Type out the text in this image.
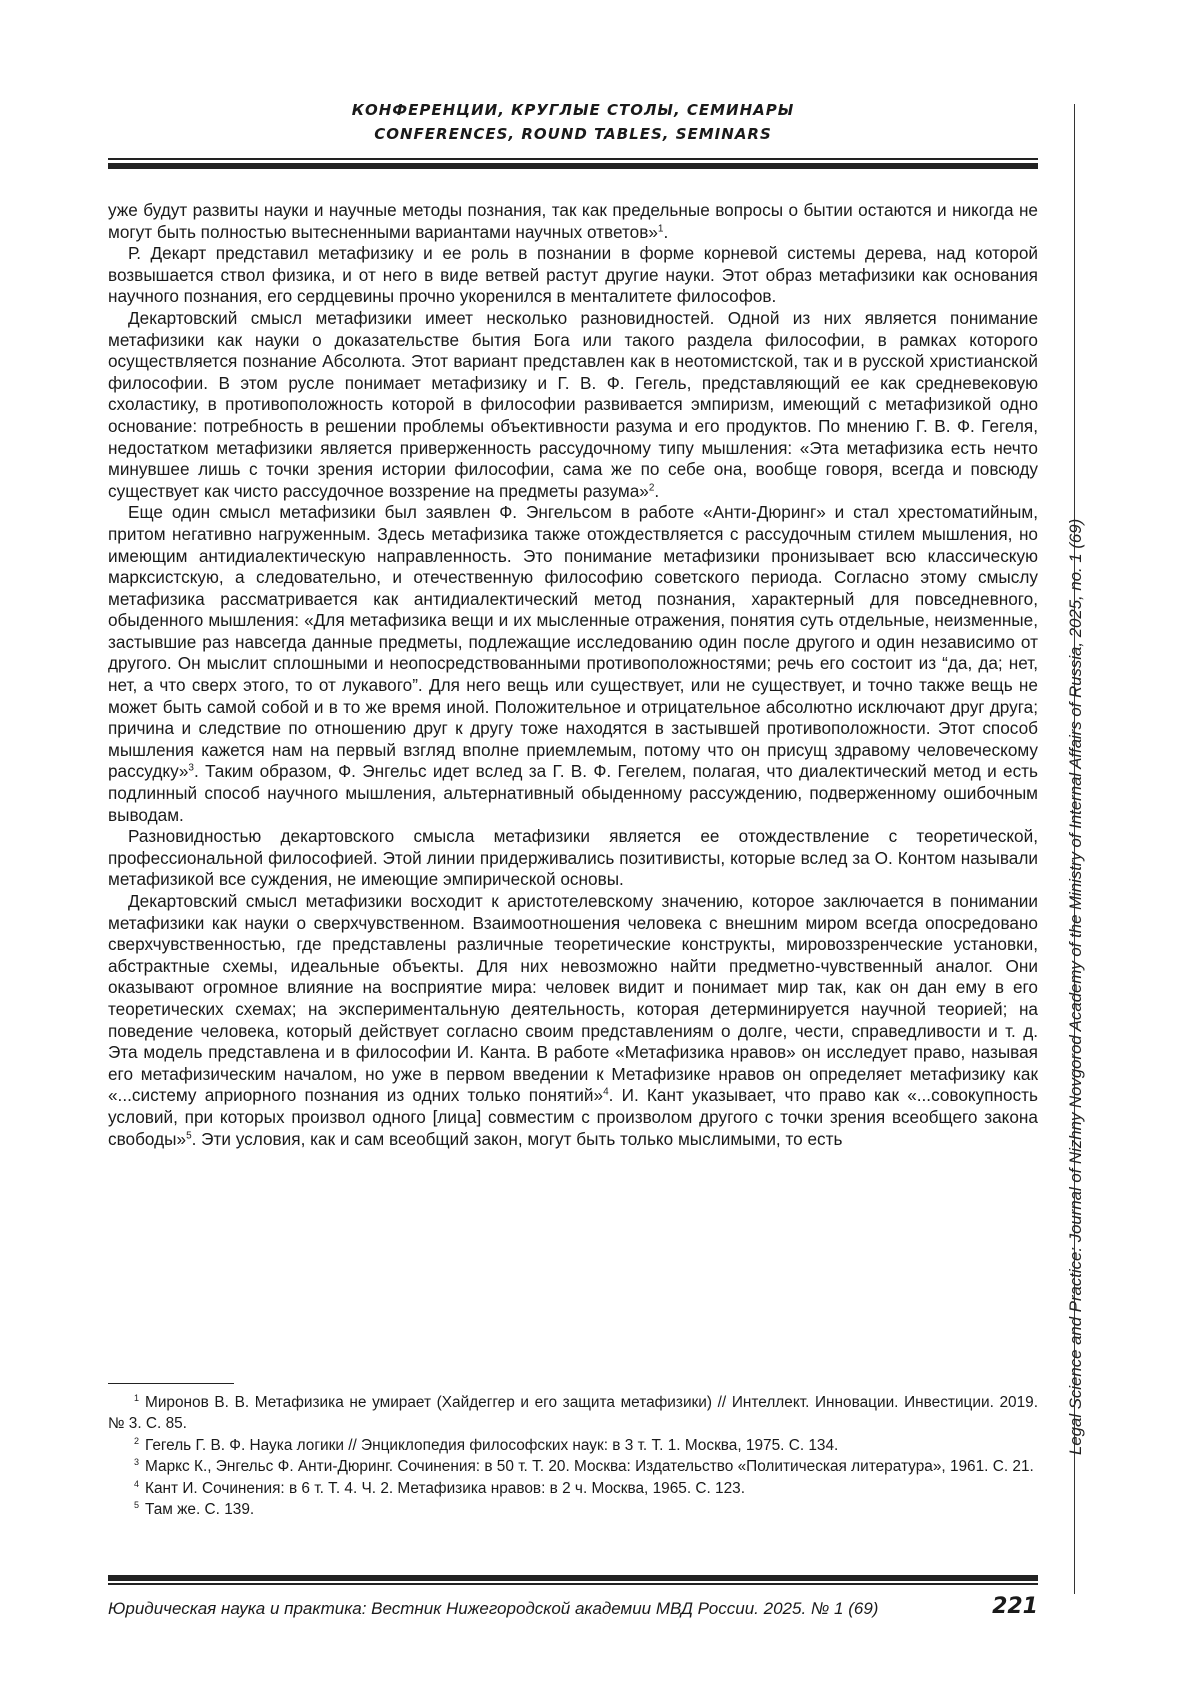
КОНФЕРЕНЦИИ, КРУГЛЫЕ СТОЛЫ, СЕМИНАРЫ
CONFERENCES, ROUND TABLES, SEMINARS

уже будут развиты науки и научные методы познания, так как предельные вопросы о бытии остаются и никогда не могут быть полностью вытесненными вариантами научных ответов»$^1$.

Р. Декарт представил метафизику и ее роль в познании в форме корневой системы дерева, над которой возвышается ствол физика, и от него в виде ветвей растут другие науки. Этот образ метафизики как основания научного познания, его сердцевины прочно укоренился в менталитете философов.

Декартовский смысл метафизики имеет несколько разновидностей. Одной из них является понимание метафизики как науки о доказательстве бытия Бога или такого раздела философии, в рамках которого осуществляется познание Абсолюта. Этот вариант представлен как в неотомистской, так и в русской христианской философии. В этом русле понимает метафизику и Г. В. Ф. Гегель, представляющий ее как средневековую схоластику, в противоположность которой в философии развивается эмпиризм, имеющий с метафизикой одно основание: потребность в решении проблемы объективности разума и его продуктов. По мнению Г. В. Ф. Гегеля, недостатком метафизики является приверженность рассудочному типу мышления: «Эта метафизика есть нечто минувшее лишь с точки зрения истории философии, сама же по себе она, вообще говоря, всегда и повсюду существует как чисто рассудочное воззрение на предметы разума»$^2$.

Еще один смысл метафизики был заявлен Ф. Энгельсом в работе «Анти-Дюринг» и стал хрестоматийным, притом негативно нагруженным. Здесь метафизика также отождествляется с рассудочным стилем мышления, но имеющим антидиалектическую направленность. Это понимание метафизики пронизывает всю классическую марксистскую, а следовательно, и отечественную философию советского периода. Согласно этому смыслу метафизика рассматривается как антидиалектический метод познания, характерный для повседневного, обыденного мышления: «Для метафизика вещи и их мысленные отражения, понятия суть отдельные, неизменные, застывшие раз навсегда данные предметы, подлежащие исследованию один после другого и один независимо от другого. Он мыслит сплошными и неопосредствованными противоположностями; речь его состоит из “да, да; нет, нет, а что сверх этого, то от лукавого”. Для него вещь или существует, или не существует, и точно также вещь не может быть самой собой и в то же время иной. Положительное и отрицательное абсолютно исключают друг друга; причина и следствие по отношению друг к другу тоже находятся в застывшей противоположности. Этот способ мышления кажется нам на первый взгляд вполне приемлемым, потому что он присущ здравому человеческому рассудку»$^3$. Таким образом, Ф. Энгельс идет вслед за Г. В. Ф. Гегелем, полагая, что диалектический метод и есть подлинный способ научного мышления, альтернативный обыденному рассуждению, подверженному ошибочным выводам.

Разновидностью декартовского смысла метафизики является ее отождествление с теоретической, профессиональной философией. Этой линии придерживались позитивисты, которые вслед за О. Контом называли метафизикой все суждения, не имеющие эмпирической основы.

Декартовский смысл метафизики восходит к аристотелевскому значению, которое заключается в понимании метафизики как науки о сверхчувственном. Взаимоотношения человека с внешним миром всегда опосредовано сверхчувственностью, где представлены различные теоретические конструкты, мировоззренческие установки, абстрактные схемы, идеальные объекты. Для них невозможно найти предметно-чувственный аналог. Они оказывают огромное влияние на восприятие мира: человек видит и понимает мир так, как он дан ему в его теоретических схемах; на экспериментальную деятельность, которая детерминируется научной теорией; на поведение человека, который действует согласно своим представлениям о долге, чести, справедливости и т. д. Эта модель представлена и в философии И. Канта. В работе «Метафизика нравов» он исследует право, называя его метафизическим началом, но уже в первом введении к Метафизике нравов он определяет метафизику как «...систему априорного познания из одних только понятий»$^4$. И. Кант указывает, что право как «...совокупность условий, при которых произвол одного [лица] совместим с произволом другого с точки зрения всеобщего закона свободы»$^5$. Эти условия, как и сам всеобщий закон, могут быть только мыслимыми, то есть

$^1$ Миронов В. В. Метафизика не умирает (Хайдеггер и его защита метафизики) // Интеллект. Инновации. Инвестиции. 2019. № 3. С. 85.

$^2$ Гегель Г. В. Ф. Наука логики // Энциклопедия философских наук: в 3 т. Т. 1. Москва, 1975. С. 134.

$^3$ Маркс К., Энгельс Ф. Анти-Дюринг. Сочинения: в 50 т. Т. 20. Москва: Издательство «Политическая литература», 1961. С. 21.

$^4$ Кант И. Сочинения: в 6 т. Т. 4. Ч. 2. Метафизика нравов: в 2 ч. Москва, 1965. С. 123.

$^5$ Там же. С. 139.

Юридическая наука и практика: Вестник Нижегородской академии МВД России. 2025. № 1 (69)	221
Legal Science and Practice: Journal of Nizhny Novgorod Academy of the Ministry of Internal Affairs of Russia, 2025, no. 1 (69)
